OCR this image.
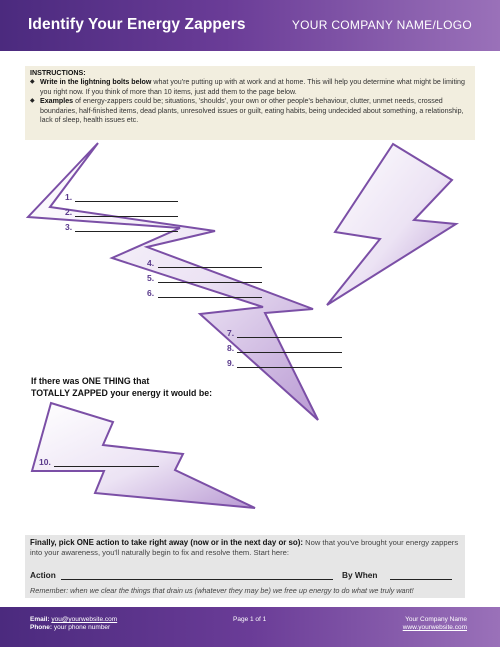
Identify Your Energy Zappers	YOUR COMPANY NAME/LOGO
INSTRUCTIONS:
◆ Write in the lightning bolts below what you're putting up with at work and at home. This will help you determine what might be limiting you right now. If you think of more than 10 items, just add them to the page below.
◆ Examples of energy-zappers could be; situations, 'shoulds', your own or other people's behaviour, clutter, unmet needs, crossed boundaries, half-finished items, dead plants, unresolved issues or guilt, eating habits, being undecided about something, a relationship, lack of sleep, health issues etc.
1.
2.
3.
4.
5.
6.
7.
8.
9.
10.
If there was ONE THING that
TOTALLY ZAPPED your energy it would be:
Finally, pick ONE action to take right away (now or in the next day or so): Now that you've brought your energy zappers into your awareness, you'll naturally begin to fix and resolve them. Start here:
Action	By When
Remember: when we clear the things that drain us (whatever they may be) we free up energy to do what we truly want!
Email: you@yourwebsite.com
Phone: your phone number
Page 1 of 1	Your Company Name
www.yourwebsite.com
